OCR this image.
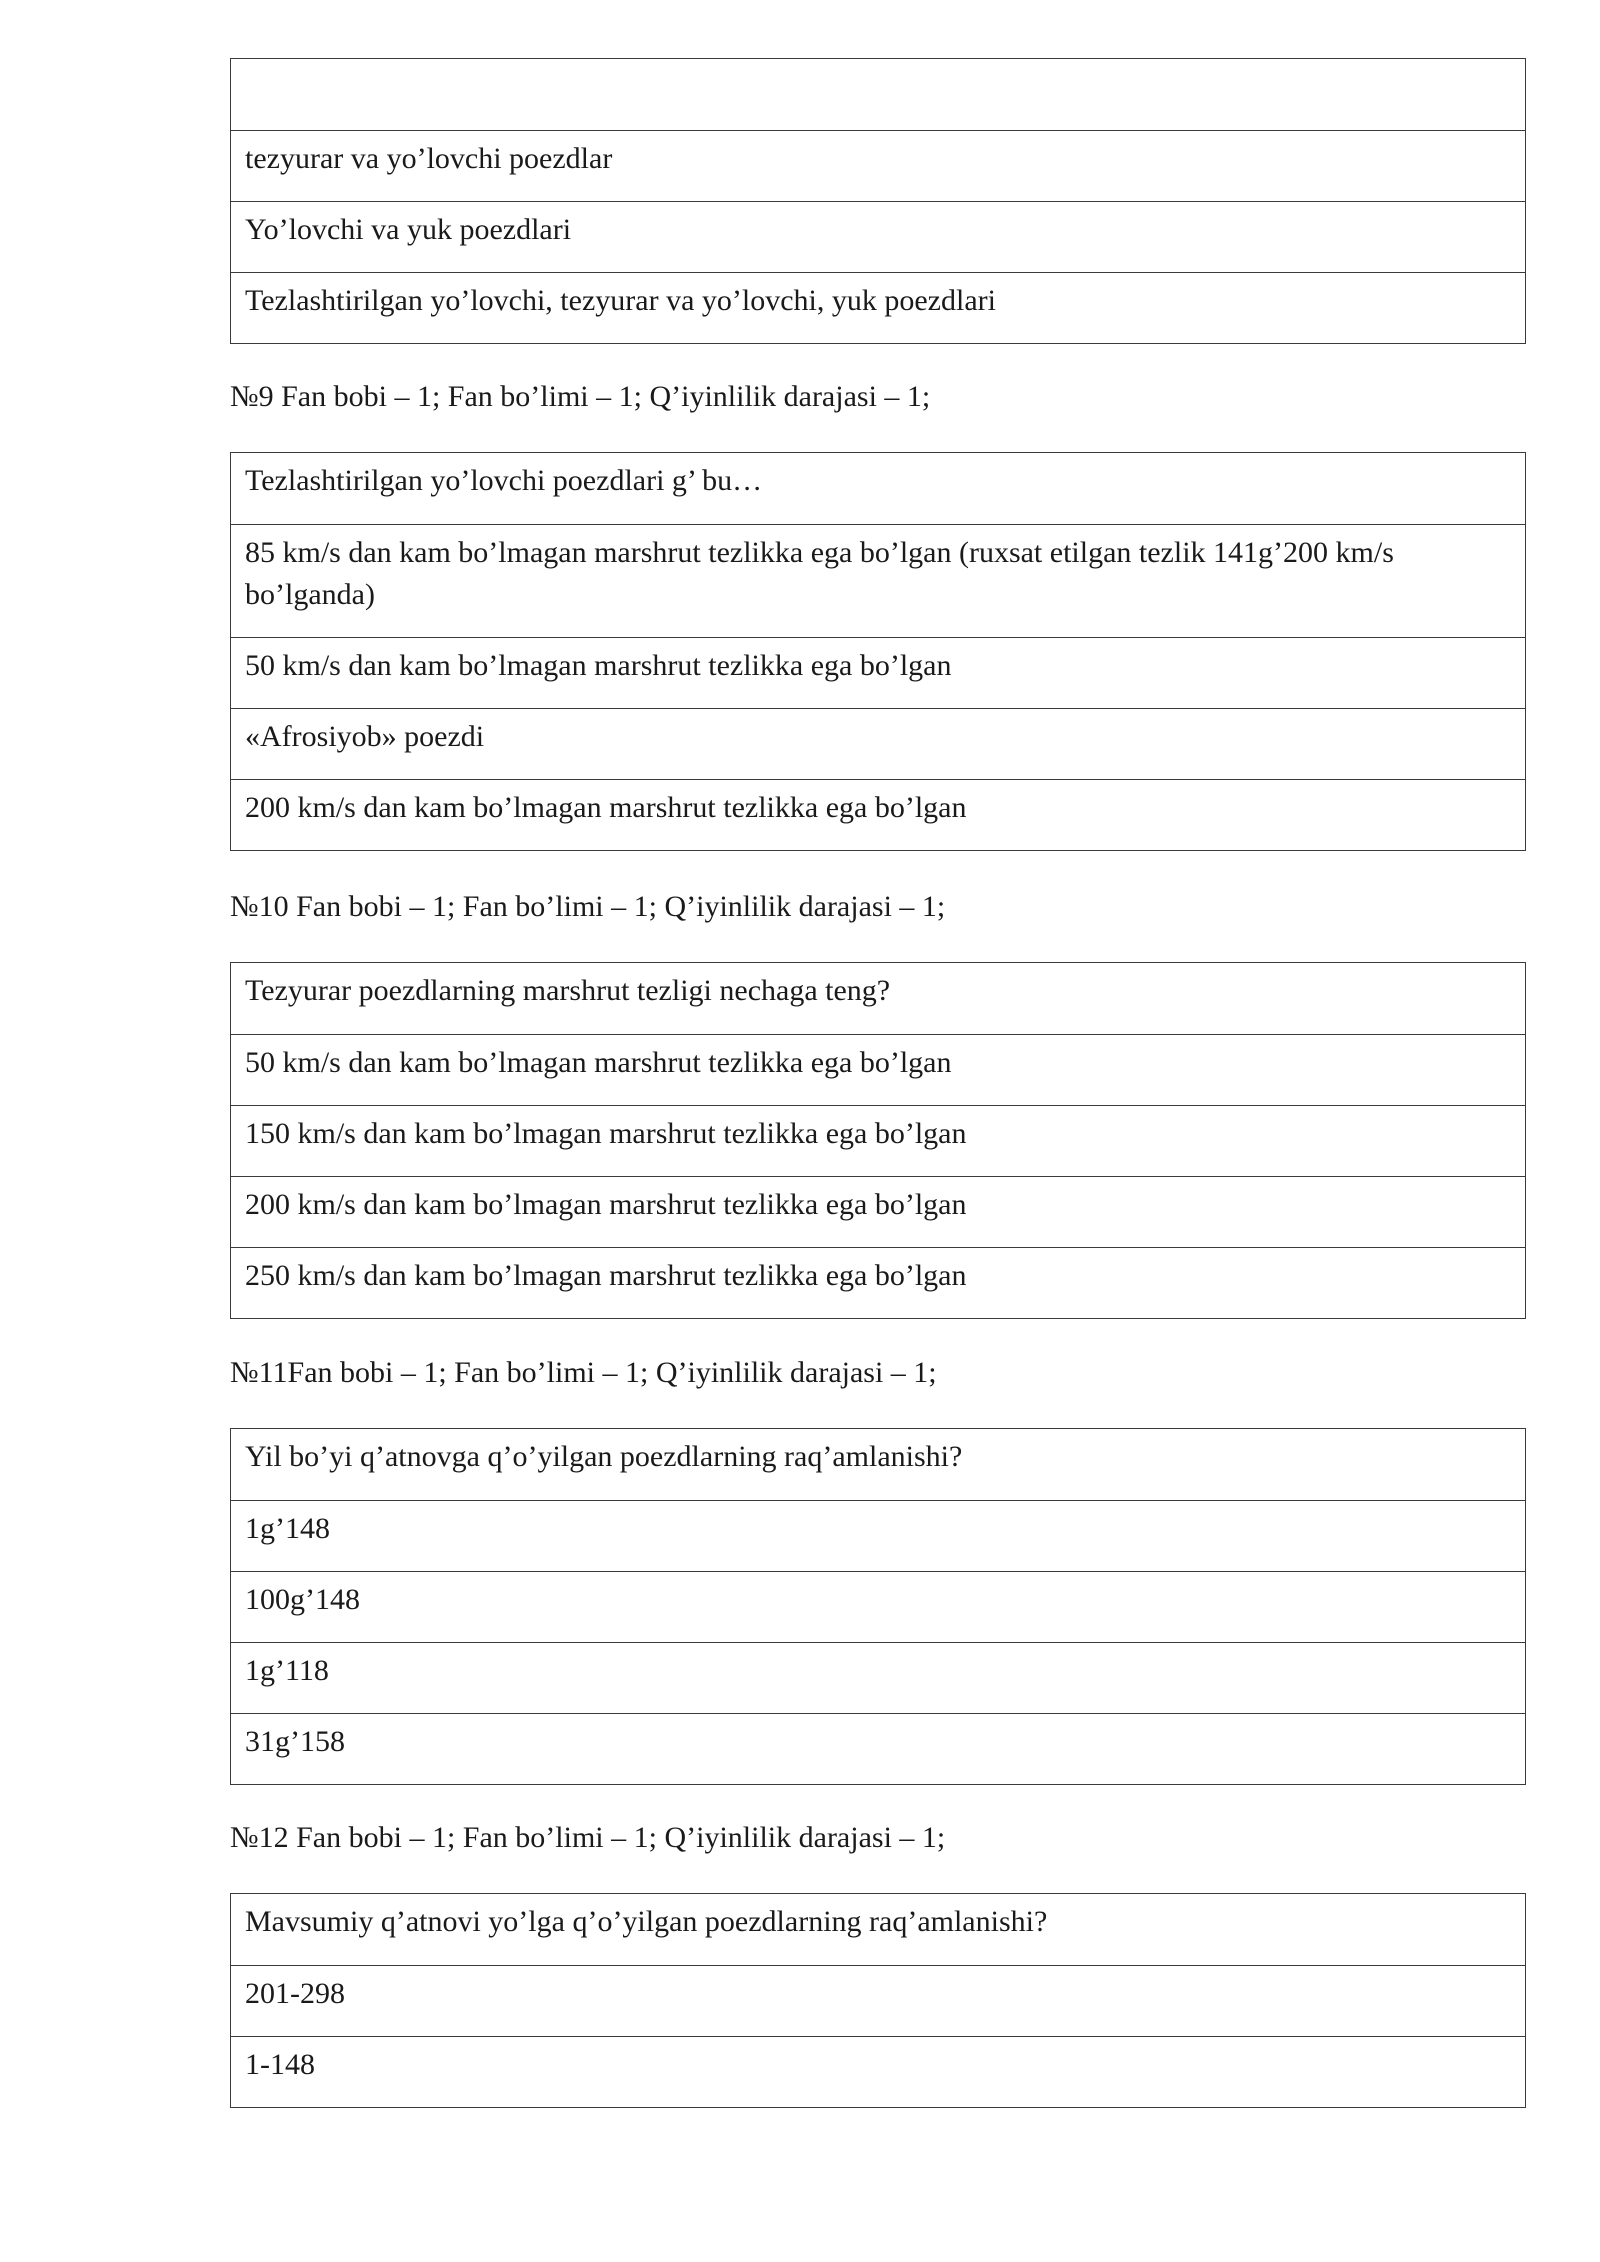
tezyurar va yo’lovchi poezdlar
Yo’lovchi va yuk poezdlari
Tezlashtirilgan yo’lovchi, tezyurar va yo’lovchi, yuk poezdlari
№9 Fan bobi – 1; Fan bo’limi – 1; Q’iyinlilik darajasi – 1;
Tezlashtirilgan yo’lovchi poezdlari g’ bu…
85 km/s dan kam bo’lmagan marshrut tezlikka ega bo’lgan (ruxsat etilgan tezlik 141g’200 km/s bo’lganda)
50 km/s dan kam bo’lmagan marshrut tezlikka ega bo’lgan
«Afrosiyob» poezdi
200 km/s dan kam bo’lmagan marshrut tezlikka ega bo’lgan
№10 Fan bobi – 1; Fan bo’limi – 1; Q’iyinlilik darajasi – 1;
Tezyurar poezdlarning marshrut tezligi nechaga teng?
50 km/s dan kam bo’lmagan marshrut tezlikka ega bo’lgan
150 km/s dan kam bo’lmagan marshrut tezlikka ega bo’lgan
200 km/s dan kam bo’lmagan marshrut tezlikka ega bo’lgan
250 km/s dan kam bo’lmagan marshrut tezlikka ega bo’lgan
№11Fan bobi – 1; Fan bo’limi – 1; Q’iyinlilik darajasi – 1;
Yil bo’yi q’atnovga q’o’yilgan poezdlarning raq’amlanishi?
1g’148
100g’148
1g’118
31g’158
№12 Fan bobi – 1; Fan bo’limi – 1; Q’iyinlilik darajasi – 1;
Mavsumiy q’atnovi yo’lga q’o’yilgan poezdlarning raq’amlanishi?
201-298
1-148
